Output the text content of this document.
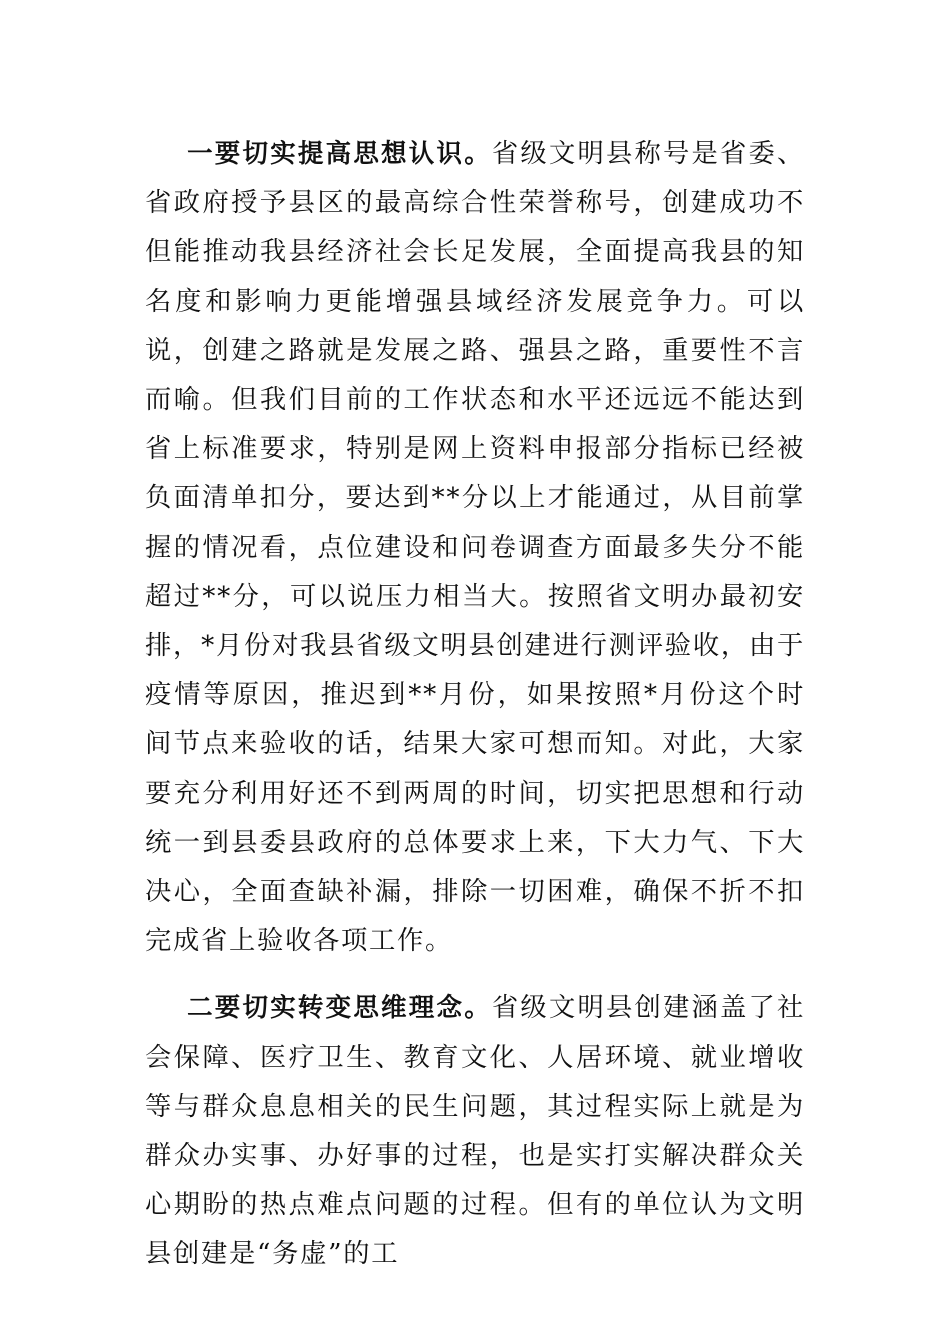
一要切实提高思想认识。省级文明县称号是省委、省政府授予县区的最高综合性荣誉称号，创建成功不但能推动我县经济社会长足发展，全面提高我县的知名度和影响力更能增强县域经济发展竞争力。可以说，创建之路就是发展之路、强县之路，重要性不言而喻。但我们目前的工作状态和水平还远远不能达到省上标准要求，特别是网上资料申报部分指标已经被负面清单扣分，要达到**分以上才能通过，从目前掌握的情况看，点位建设和问卷调查方面最多失分不能超过**分，可以说压力相当大。按照省文明办最初安排，*月份对我县省级文明县创建进行测评验收，由于疫情等原因，推迟到**月份，如果按照*月份这个时间节点来验收的话，结果大家可想而知。对此，大家要充分利用好还不到两周的时间，切实把思想和行动统一到县委县政府的总体要求上来，下大力气、下大决心，全面查缺补漏，排除一切困难，确保不折不扣完成省上验收各项工作。

二要切实转变思维理念。省级文明县创建涵盖了社会保障、医疗卫生、教育文化、人居环境、就业增收等与群众息息相关的民生问题，其过程实际上就是为群众办实事、办好事的过程，也是实打实解决群众关心期盼的热点难点问题的过程。但有的单位认为文明县创建是“务虚”的工
